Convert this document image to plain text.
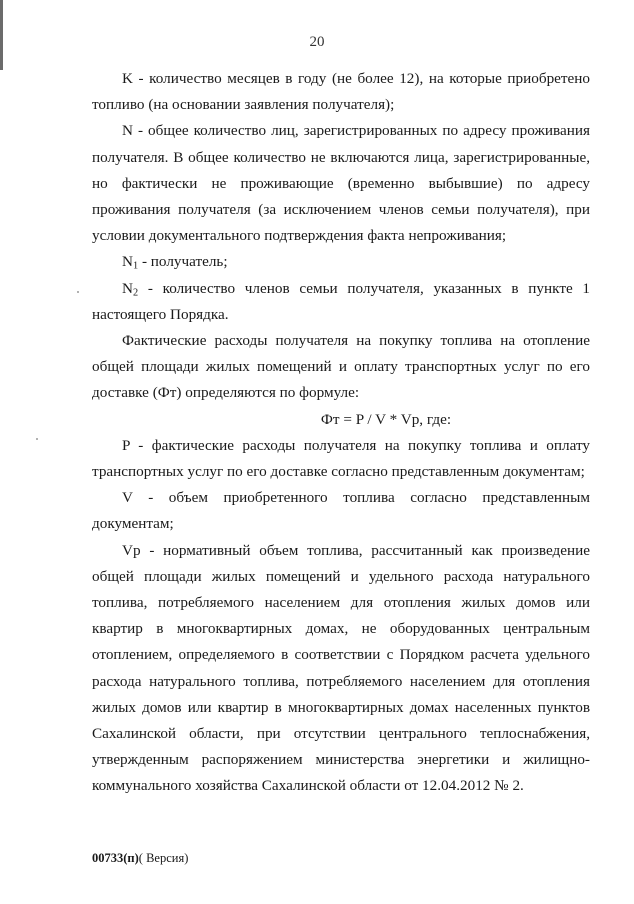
20

K - количество месяцев в году (не более 12), на которые приобретено топливо (на основании заявления получателя);

N - общее количество лиц, зарегистрированных по адресу проживания получателя. В общее количество не включаются лица, зарегистрированные, но фактически не проживающие (временно выбывшие) по адресу проживания получателя (за исключением членов семьи получателя), при условии документального подтверждения факта непроживания;

$N_1$ - получатель;

$N_2$ - количество членов семьи получателя, указанных в пункте 1 настоящего Порядка.

Фактические расходы получателя на покупку топлива на отопление общей площади жилых помещений и оплату транспортных услуг по его доставке (Фт) определяются по формуле:

Фт = P / V * Vp, где:

P - фактические расходы получателя на покупку топлива и оплату транспортных услуг по его доставке согласно представленным документам;

V - объем приобретенного топлива согласно представленным документам;

Vp - нормативный объем топлива, рассчитанный как произведение общей площади жилых помещений и удельного расхода натурального топлива, потребляемого населением для отопления жилых домов или квартир в многоквартирных домах, не оборудованных центральным отоплением, определяемого в соответствии с Порядком расчета удельного расхода натурального топлива, потребляемого населением для отопления жилых домов или квартир в многоквартирных домах населенных пунктов Сахалинской области, при отсутствии центрального теплоснабжения, утвержденным распоряжением министерства энергетики и жилищно-коммунального хозяйства Сахалинской области от 12.04.2012 № 2.

00733(п)( Версия)
